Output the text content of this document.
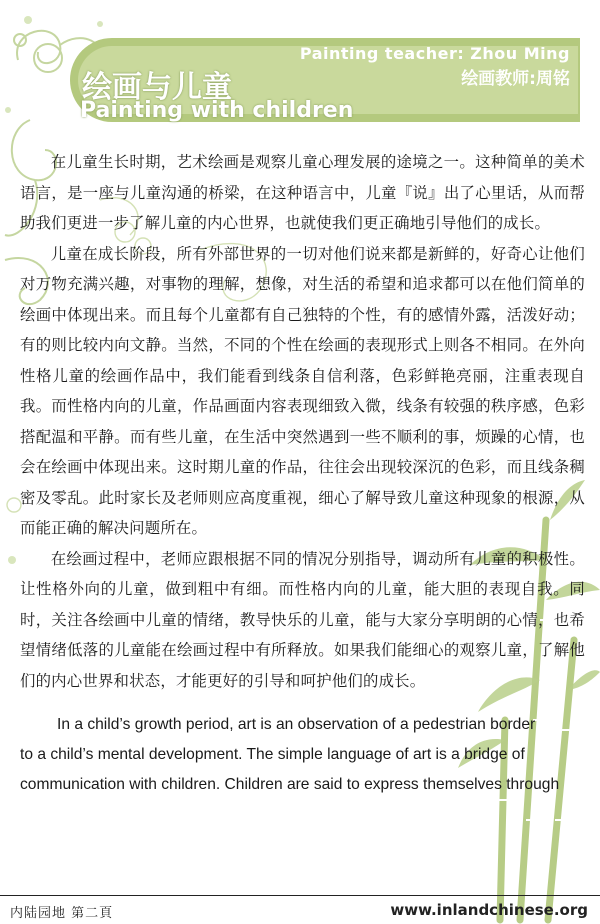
Painting teacher: Zhou Ming
绘画教师:周铭
绘画与儿童
Painting with children

在儿童生长时期，艺术绘画是观察儿童心理发展的途境之一。这种简单的美术语言，是一座与儿童沟通的桥梁，在这种语言中，儿童『说』出了心里话，从而帮助我们更进一步了解儿童的内心世界，也就使我们更正确地引导他们的成长。

儿童在成长阶段，所有外部世界的一切对他们说来都是新鲜的，好奇心让他们对万物充满兴趣，对事物的理解，想像，对生活的希望和追求都可以在他们简单的绘画中体现出来。而且每个儿童都有自己独特的个性，有的感情外露，活泼好动；有的则比较内向文静。当然，不同的个性在绘画的表现形式上则各不相同。在外向性格儿童的绘画作品中，我们能看到线条自信利落，色彩鲜艳亮丽，注重表现自我。而性格内向的儿童，作品画面内容表现细致入微，线条有较强的秩序感，色彩搭配温和平静。而有些儿童，在生活中突然遇到一些不顺利的事，烦躁的心情，也会在绘画中体现出来。这时期儿童的作品，往往会出现较深沉的色彩，而且线条稠密及零乱。此时家长及老师则应高度重视，细心了解导致儿童这种现象的根源，从而能正确的解决问题所在。

在绘画过程中，老师应跟根据不同的情况分别指导，调动所有儿童的积极性。让性格外向的儿童，做到粗中有细。而性格内向的儿童，能大胆的表现自我。同时，关注各绘画中儿童的情绪，教导快乐的儿童，能与大家分享明朗的心情，也希望情绪低落的儿童能在绘画过程中有所释放。如果我们能细心的观察儿童，了解他们的内心世界和状态，才能更好的引导和呵护他们的成长。

In a child’s growth period, art is an observation of a pedestrian border
to a child’s mental development. The simple language of art is a bridge of
communication with children. Children are said to express themselves through
内陆园地 第二頁	www.inlandchinese.org
